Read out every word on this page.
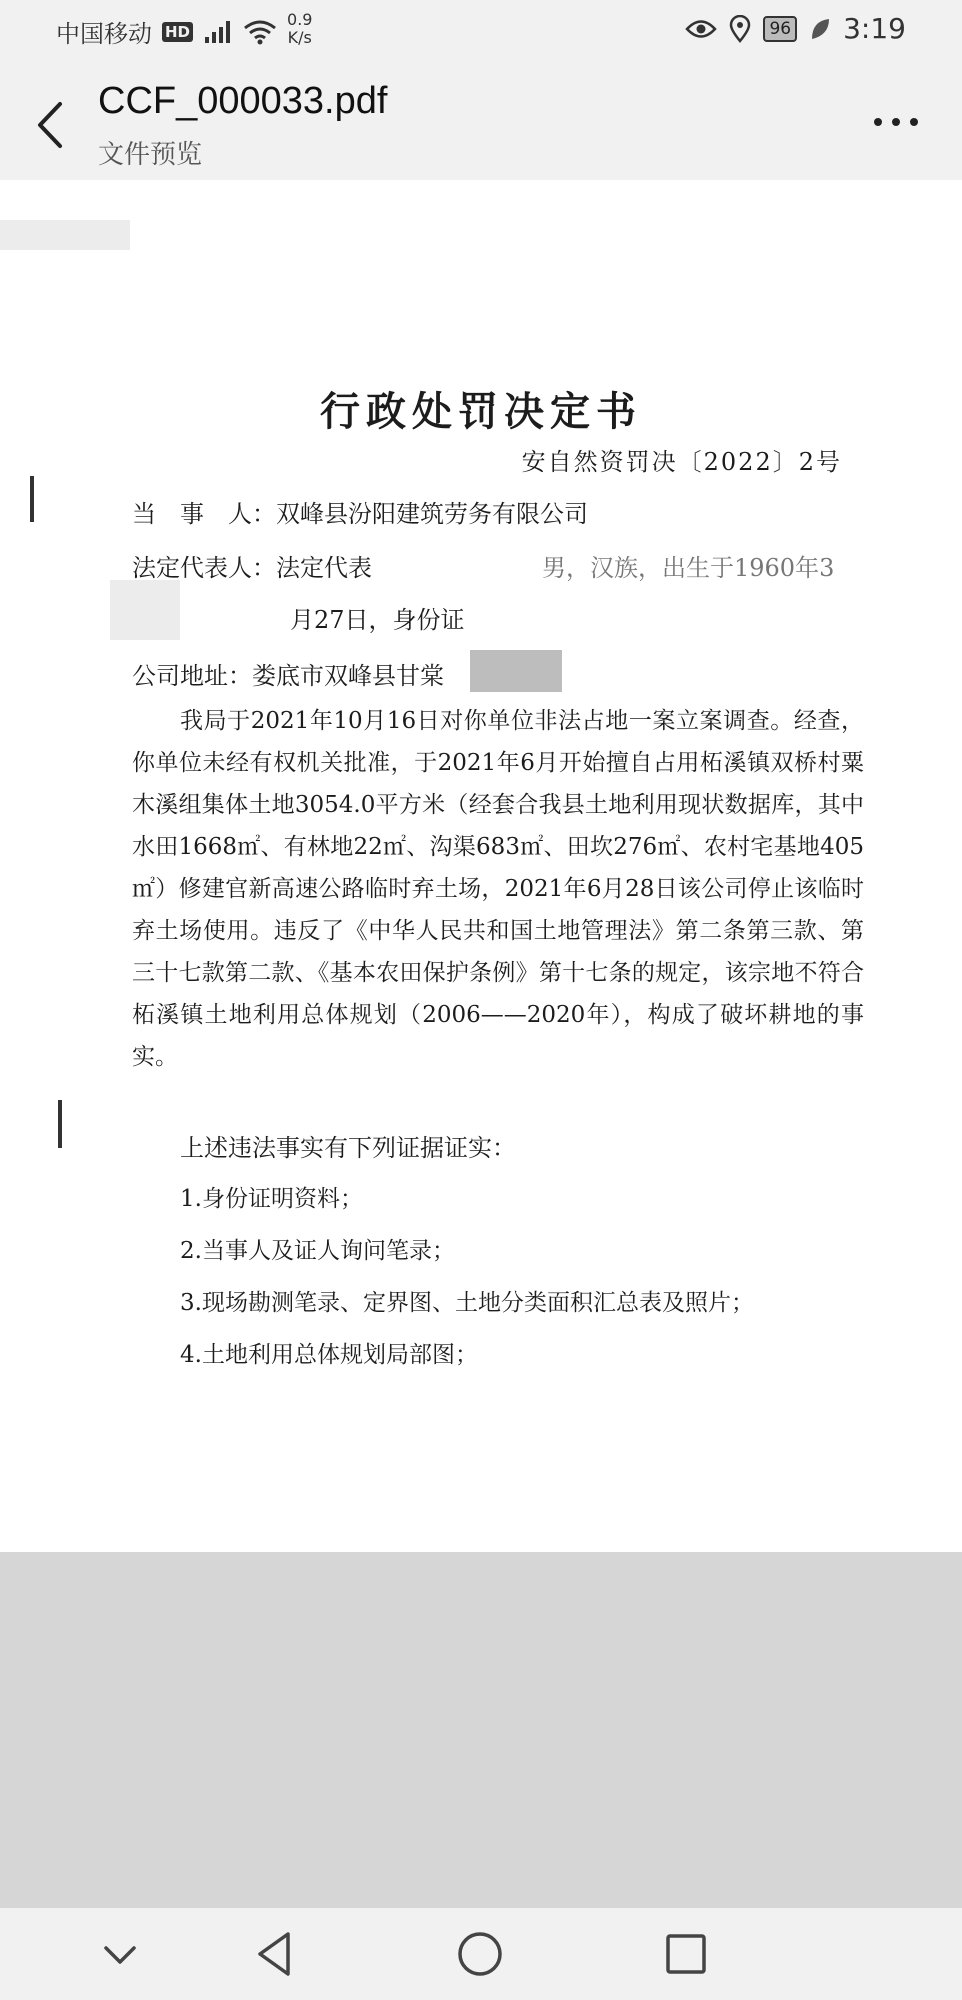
中国移动 HD
0.9
K/s	96 3:19
CCF_000033.pdf
文件预览
行政处罚决定书
安自然资罚决〔2022〕2号
当　事　人：双峰县汾阳建筑劳务有限公司
法定代表人：法定代表	男，汉族，出生于1960年3
月27日，身份证
公司地址：娄底市双峰县甘棠
我局于2021年10月16日对你单位非法占地一案立案调查。经查，你单位未经有权机关批准，于2021年6月开始擅自占用柘溪镇双桥村粟木溪组集体土地3054.0平方米（经套合我县土地利用现状数据库，其中水田1668㎡、有林地22㎡、沟渠683㎡、田坎276㎡、农村宅基地405㎡）修建官新高速公路临时弃土场，2021年6月28日该公司停止该临时弃土场使用。违反了《中华人民共和国土地管理法》第二条第三款、第三十七款第二款、《基本农田保护条例》第十七条的规定，该宗地不符合柘溪镇土地利用总体规划（2006——2020年），构成了破坏耕地的事实。
上述违法事实有下列证据证实：
1.身份证明资料；
2.当事人及证人询问笔录；
3.现场勘测笔录、定界图、土地分类面积汇总表及照片；
4.土地利用总体规划局部图；
